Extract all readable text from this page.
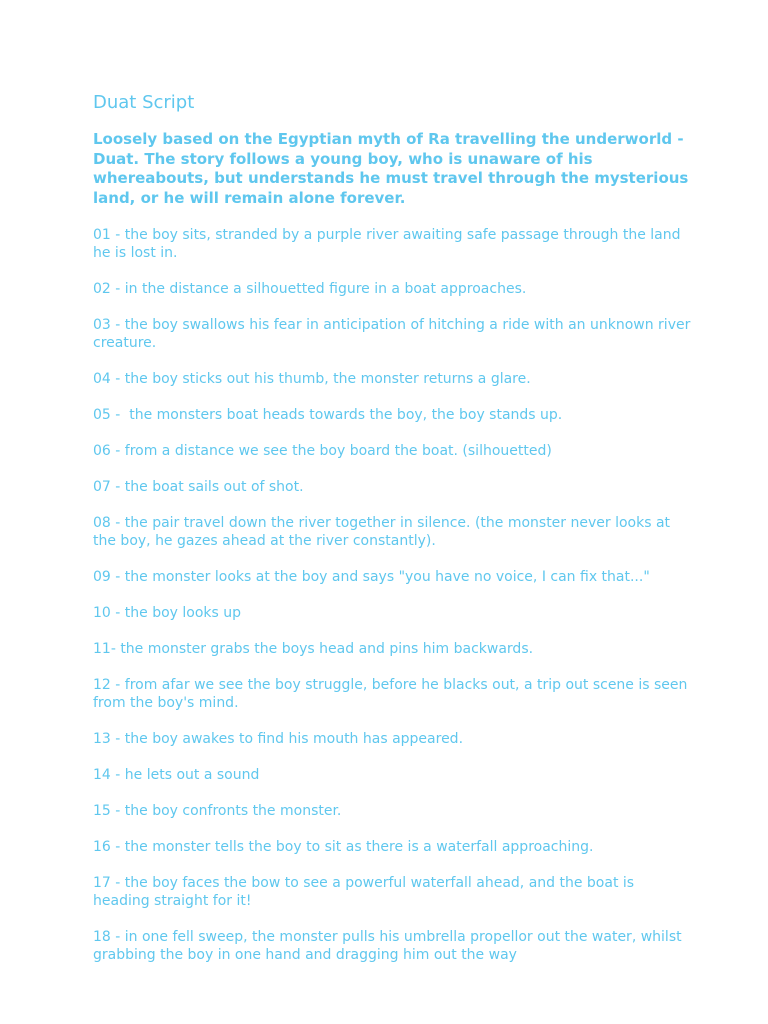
Duat Script

Loosely based on the Egyptian myth of Ra travelling the underworld - Duat. The story follows a young boy, who is unaware of his whereabouts, but understands he must travel through the mysterious land, or he will remain alone forever.

01 - the boy sits, stranded by a purple river awaiting safe passage through the land he is lost in.

02 - in the distance a silhouetted figure in a boat approaches.

03 - the boy swallows his fear in anticipation of hitching a ride with an unknown river creature.

04 - the boy sticks out his thumb, the monster returns a glare.

05 -  the monsters boat heads towards the boy, the boy stands up.

06 - from a distance we see the boy board the boat. (silhouetted)

07 - the boat sails out of shot.

08 - the pair travel down the river together in silence. (the monster never looks at the boy, he gazes ahead at the river constantly).

09 - the monster looks at the boy and says "you have no voice, I can fix that..."

10 - the boy looks up

11- the monster grabs the boys head and pins him backwards.

12 - from afar we see the boy struggle, before he blacks out, a trip out scene is seen from the boy's mind.

13 - the boy awakes to find his mouth has appeared.

14 - he lets out a sound

15 - the boy confronts the monster.

16 - the monster tells the boy to sit as there is a waterfall approaching.

17 - the boy faces the bow to see a powerful waterfall ahead, and the boat is heading straight for it!

18 - in one fell sweep, the monster pulls his umbrella propellor out the water, whilst grabbing the boy in one hand and dragging him out the way
